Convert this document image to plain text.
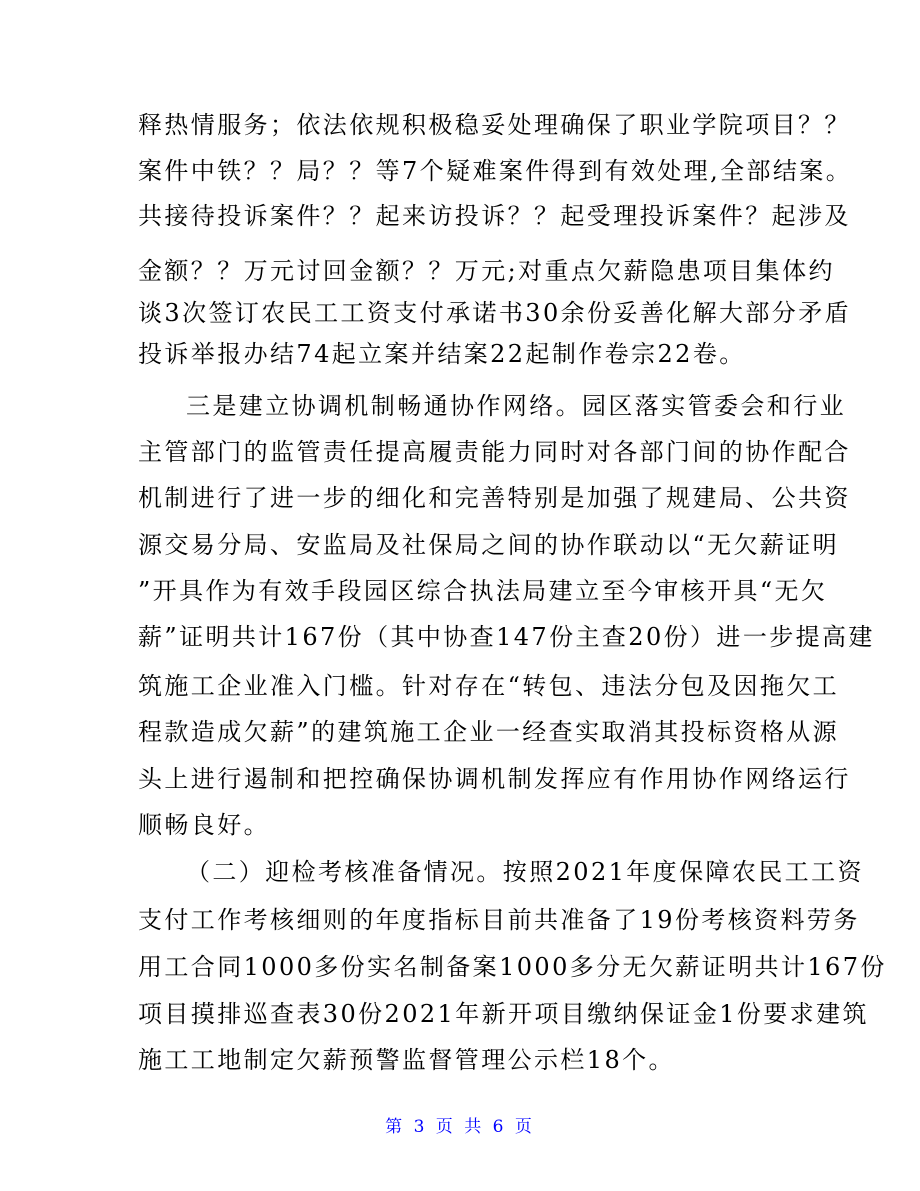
释热情服务；依法依规积极稳妥处理确保了职业学院项目？？
案件中铁？？局？？等7个疑难案件得到有效处理,全部结案。
共接待投诉案件？？起来访投诉？？起受理投诉案件？起涉及
金额？？万元讨回金额？？万元;对重点欠薪隐患项目集体约
谈3次签订农民工工资支付承诺书30余份妥善化解大部分矛盾
投诉举报办结74起立案并结案22起制作卷宗22卷。
三是建立协调机制畅通协作网络。园区落实管委会和行业
主管部门的监管责任提高履责能力同时对各部门间的协作配合
机制进行了进一步的细化和完善特别是加强了规建局、公共资
源交易分局、安监局及社保局之间的协作联动以“无欠薪证明
”开具作为有效手段园区综合执法局建立至今审核开具“无欠
薪”证明共计167份（其中协查147份主查20份）进一步提高建
筑施工企业准入门槛。针对存在“转包、违法分包及因拖欠工
程款造成欠薪”的建筑施工企业一经查实取消其投标资格从源
头上进行遏制和把控确保协调机制发挥应有作用协作网络运行
顺畅良好。
（二）迎检考核准备情况。按照2021年度保障农民工工资
支付工作考核细则的年度指标目前共准备了19份考核资料劳务
用工合同1000多份实名制备案1000多分无欠薪证明共计167份
项目摸排巡查表30份2021年新开项目缴纳保证金1份要求建筑
施工工地制定欠薪预警监督管理公示栏18个。
第 3 页 共 6 页
